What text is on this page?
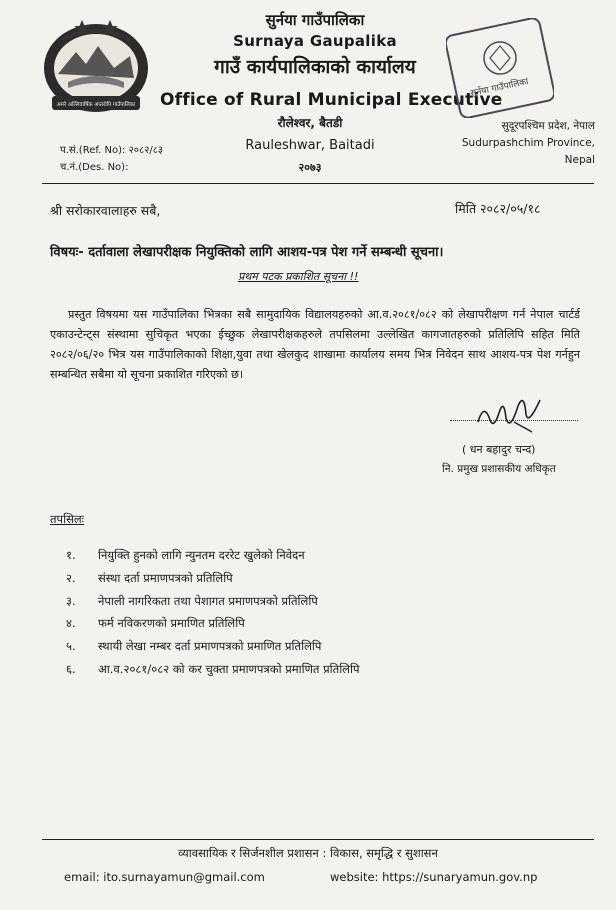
अमरे अल्लिवार्षिक अप्तरोपि गाउँपालिका
सुर्नया गाउँपालिका
Surnaya Gaupalika
गाउँ कार्यपालिकाको कार्यालय
Office of Rural Municipal Executive
रौलेश्वर, बैतडी
Rauleshwar, Baitadi
२०७३
सुर्नया गाउँपालिका
प.सं.(Ref. No): २०८२/८३
च.नं.(Des. No):
सुदूरपश्चिम प्रदेश, नेपाल
Sudurpashchim Province,
Nepal
श्री सरोकारवालाहरु सबै,	मिति २०८२/०५/१८
विषयः- दर्तावाला लेखापरीक्षक नियुक्तिको लागि आशय-पत्र पेश गर्ने सम्बन्धी सूचना।
प्रथम पटक प्रकाशित सूचना !!
प्रस्तुत विषयमा यस गाउँपालिका भित्रका सबै सामुदायिक विद्यालयहरुको आ.व.२०८१/०८२ को लेखापरीक्षण गर्न नेपाल चार्टर्ड एकाउन्टेन्ट्स संस्थामा सुचिकृत भएका ईच्छुक लेखापरीक्षकहरुले तपसिलमा उल्लेखित कागजातहरुको प्रतिलिपि सहित मिति २०८२/०६/२० भित्र यस गाउँपालिकाको शिक्षा,युवा तथा खेलकुद शाखामा कार्यालय समय भित्र निवेदन साथ आशय-पत्र पेश गर्नहुन सम्बन्धित सबैमा यो सूचना प्रकाशित गरिएको छ।
( धन बहादुर चन्द)
नि. प्रमुख प्रशासकीय अधिकृत
तपसिलः
१. नियुक्ति हुनको लागि न्युनतम दररेट खुलेको निवेदन
२. संस्था दर्ता प्रमाणपत्रको प्रतिलिपि
३. नेपाली नागरिकता तथा पेशागत प्रमाणपत्रको प्रतिलिपि
४. फर्म नविकरणको प्रमाणित प्रतिलिपि
५. स्थायी लेखा नम्बर दर्ता प्रमाणपत्रको प्रमाणित प्रतिलिपि
६. आ.व.२०८१/०८२ को कर चुक्ता प्रमाणपत्रको प्रमाणित प्रतिलिपि
व्यावसायिक र सिर्जनशील प्रशासन : विकास, समृद्धि र सुशासन
email: ito.surnayamun@gmail.com	website: https://sunaryamun.gov.np
